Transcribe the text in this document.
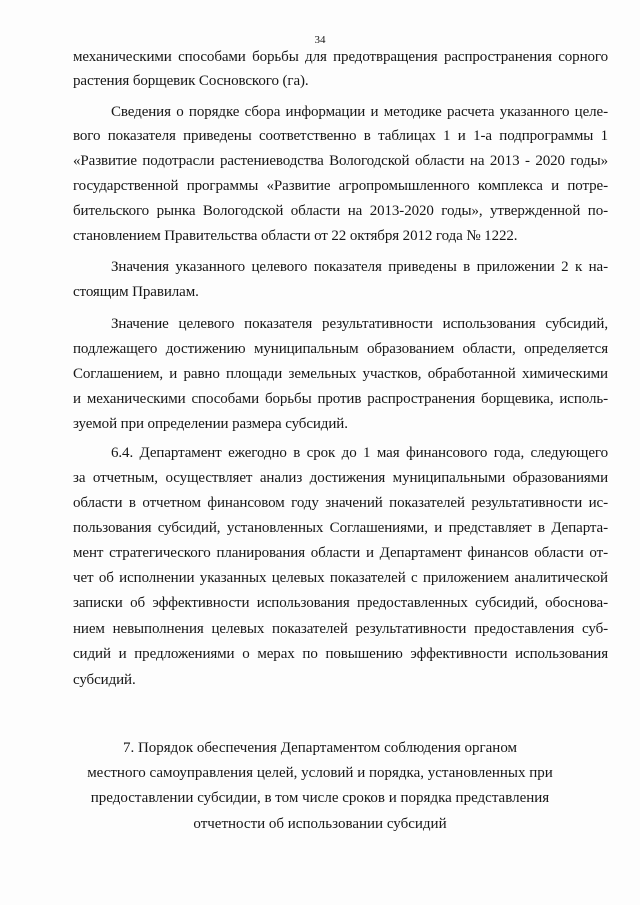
34
механическими способами борьбы для предотвращения распространения сорного
растения борщевик Сосновского (га).
Сведения о порядке сбора информации и методике расчета указанного целе-
вого показателя приведены соответственно в таблицах 1 и 1-а подпрограммы 1
«Развитие подотрасли растениеводства Вологодской области на 2013 - 2020 годы»
государственной программы «Развитие агропромышленного комплекса и потре-
бительского рынка Вологодской области на 2013-2020 годы», утвержденной по-
становлением Правительства области от 22 октября 2012 года № 1222.
Значения указанного целевого показателя приведены в приложении 2 к на-
стоящим Правилам.
Значение целевого показателя результативности использования субсидий,
подлежащего достижению муниципальным образованием области, определяется
Соглашением, и равно площади земельных участков, обработанной химическими
и механическими способами борьбы против распространения борщевика, исполь-
зуемой при определении размера субсидий.
6.4. Департамент ежегодно в срок до 1 мая финансового года, следующего
за отчетным, осуществляет анализ достижения муниципальными образованиями
области в отчетном финансовом году значений показателей результативности ис-
пользования субсидий, установленных Соглашениями, и представляет в Департа-
мент стратегического планирования области и Департамент финансов области от-
чет об исполнении указанных целевых показателей с приложением аналитической
записки об эффективности использования предоставленных субсидий, обоснова-
нием невыполнения целевых показателей результативности предоставления суб-
сидий и предложениями о мерах по повышению эффективности использования
субсидий.
7. Порядок обеспечения Департаментом соблюдения органом
местного самоуправления целей, условий и порядка, установленных при
предоставлении субсидии, в том числе сроков и порядка представления
отчетности об использовании субсидий
